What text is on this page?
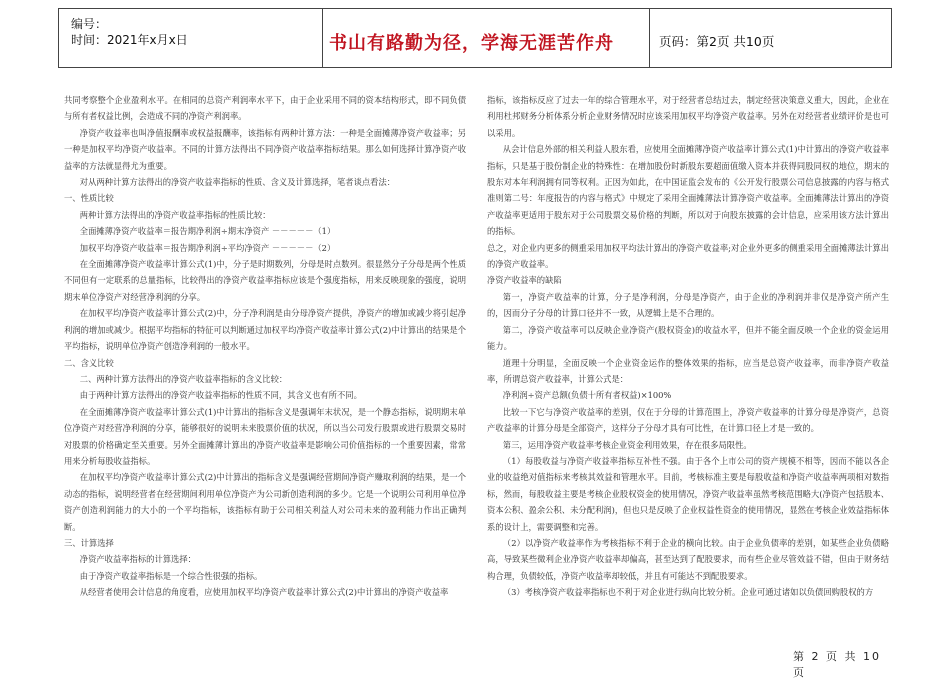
编号：
时间：2021年x月x日	书山有路勤为径，学海无涯苦作舟	页码：第2页 共10页

共同考察整个企业盈利水平。在相同的总资产利润率水平下，由于企业采用不同的资本结构形式，即不同负债与所有者权益比例，会造成不同的净资产利润率。

净资产收益率也叫净值报酬率或权益报酬率，该指标有两种计算方法：一种是全面摊薄净资产收益率；另一种是加权平均净资产收益率。不同的计算方法得出不同净资产收益率指标结果。那么如何选择计算净资产收益率的方法就显得尤为重要。

对从两种计算方法得出的净资产收益率指标的性质、含义及计算选择，笔者谈点看法：

一、性质比较

两种计算方法得出的净资产收益率指标的性质比较：

全面摊薄净资产收益率＝报告期净利润÷期末净资产 －－－－－（1）

加权平均净资产收益率＝报告期净利润÷平均净资产 －－－－－（2）

在全面摊薄净资产收益率计算公式(1)中，分子是时期数列，分母是时点数列。很显然分子分母是两个性质不同但有一定联系的总量指标，比较得出的净资产收益率指标应该是个强度指标，用来反映现象的强度，说明期末单位净资产对经营净利润的分享。

在加权平均净资产收益率计算公式(2)中，分子净利润是由分母净资产提供，净资产的增加或减少将引起净利润的增加或减少。根据平均指标的特征可以判断通过加权平均净资产收益率计算公式(2)中计算出的结果是个平均指标，说明单位净资产创造净利润的一般水平。

二、含义比较

二、两种计算方法得出的净资产收益率指标的含义比较：

由于两种计算方法得出的净资产收益率指标的性质不同，其含义也有所不同。

在全面摊薄净资产收益率计算公式(1)中计算出的指标含义是强调年末状况，是一个静态指标，说明期末单位净资产对经营净利润的分享，能够很好的说明未来股票价值的状况，所以当公司发行股票或进行股票交易时对股票的价格确定至关重要。另外全面摊薄计算出的净资产收益率是影响公司价值指标的一个重要因素，常常用来分析每股收益指标。

在加权平均净资产收益率计算公式(2)中计算出的指标含义是强调经营期间净资产赚取利润的结果，是一个动态的指标，说明经营者在经营期间利用单位净资产为公司新创造利润的多少。它是一个说明公司利用单位净资产创造利润能力的大小的一个平均指标，该指标有助于公司相关利益人对公司未来的盈利能力作出正确判断。

三、计算选择

净资产收益率指标的计算选择：

由于净资产收益率指标是一个综合性很强的指标。

从经营者使用会计信息的角度看，应使用加权平均净资产收益率计算公式(2)中计算出的净资产收益率

指标，该指标反应了过去一年的综合管理水平，对于经营者总结过去，制定经营决策意义重大，因此，企业在利用杜邦财务分析体系分析企业财务情况时应该采用加权平均净资产收益率。另外在对经营者业绩评价是也可以采用。

从会计信息外部的相关利益人股东看，应使用全面摊薄净资产收益率计算公式(1)中计算出的净资产收益率指标，只是基于股份制企业的特殊性：在增加股份时新股东要超面值缴入资本并获得同股同权的地位，期末的股东对本年利润拥有同等权利。正因为如此，在中国证监会发布的《公开发行股票公司信息披露的内容与格式准则第二号：年度报告的内容与格式》中规定了采用全面摊薄法计算净资产收益率。全面摊薄法计算出的净资产收益率更适用于股东对于公司股票交易价格的判断，所以对于向股东披露的会计信息，应采用该方法计算出的指标。

总之，对企业内更多的侧重采用加权平均法计算出的净资产收益率;对企业外更多的侧重采用全面摊薄法计算出的净资产收益率。

净资产收益率的缺陷

第一，净资产收益率的计算，分子是净利润，分母是净资产，由于企业的净利润并非仅是净资产所产生的，因而分子分母的计算口径并不一致，从逻辑上是不合理的。

第二，净资产收益率可以反映企业净资产(股权资金)的收益水平，但并不能全面反映一个企业的资金运用能力。

道理十分明显，全面反映一个企业资金运作的整体效果的指标，应当是总资产收益率，而非净资产收益率，所谓总资产收益率，计算公式是：

净利润÷资产总额(负债十所有者权益)×100%

比较一下它与净资产收益率的差别，仅在于分母的计算范围上，净资产收益率的计算分母是净资产，总资产收益率的计算分母是全部资产，这样分子分母才具有可比性，在计算口径上才是一致的。

第三，运用净资产收益率考核企业资金利用效果，存在很多局限性。

（1）每股收益与净资产收益率指标互补性不强。由于各个上市公司的资产规模不相等，因而不能以各企业的收益绝对值指标来考核其效益和管理水平。目前，考核标准主要是每股收益和净资产收益率两项相对数指标，然而，每股收益主要是考核企业股权资金的使用情况，净资产收益率虽然考核范围略大(净资产包括股本、资本公积、盈余公积、未分配利润)，但也只是反映了企业权益性资金的使用情况，显然在考核企业效益指标体系的设计上，需要调整和完善。

（2）以净资产收益率作为考核指标不利于企业的横向比较。由于企业负债率的差别，如某些企业负债略高，导致某些微利企业净资产收益率却偏高，甚至达到了配股要求，而有些企业尽管效益不错，但由于财务结构合理，负债较低，净资产收益率却较低，并且有可能达不到配股要求。

（3）考核净资产收益率指标也不利于对企业进行纵向比较分析。企业可通过诸如以负债回购股权的方

第 2 页 共 10 页
